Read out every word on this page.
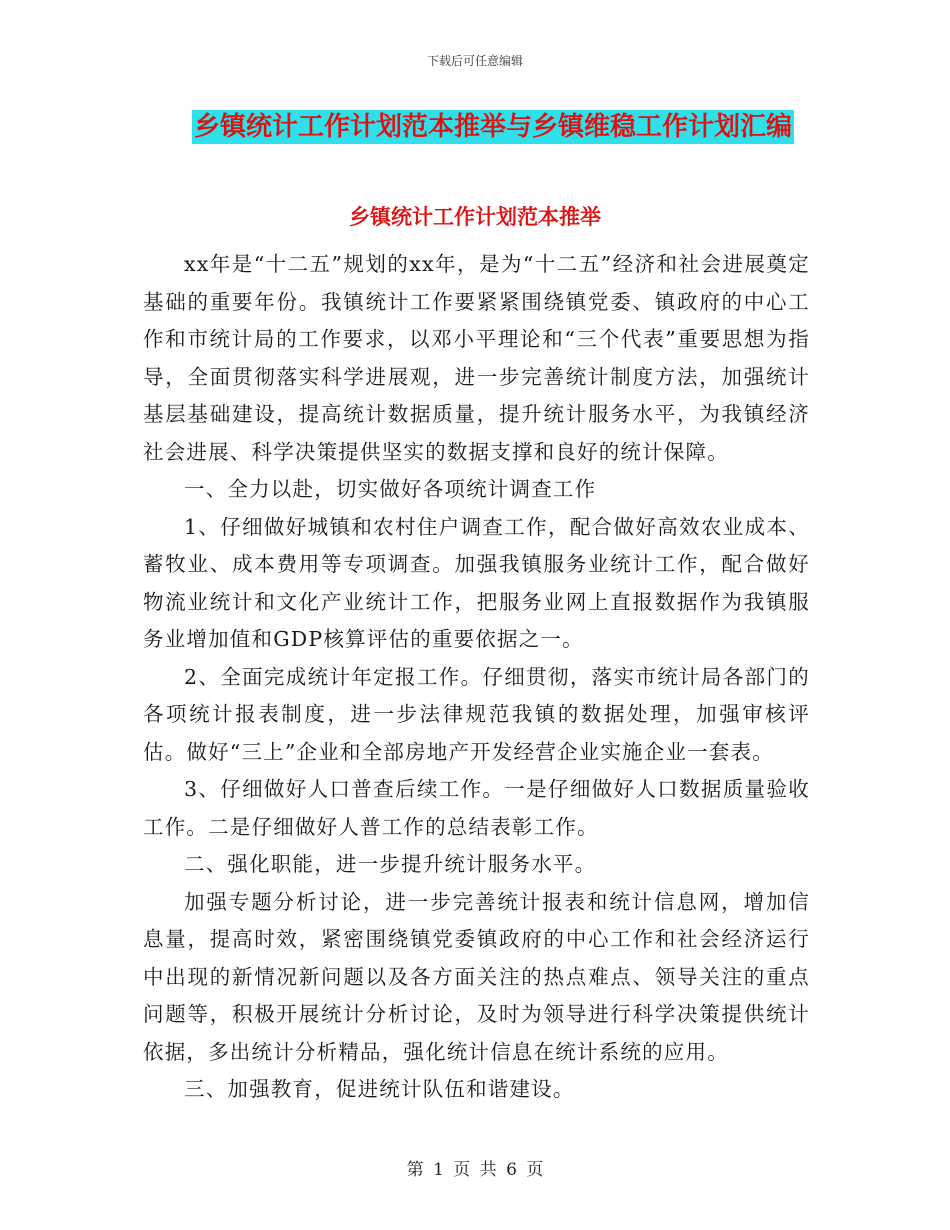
下载后可任意编辑
乡镇统计工作计划范本推举与乡镇维稳工作计划汇编
乡镇统计工作计划范本推举

xx年是“十二五”规划的xx年，是为“十二五”经济和社会进展奠定基础的重要年份。我镇统计工作要紧紧围绕镇党委、镇政府的中心工作和市统计局的工作要求，以邓小平理论和“三个代表”重要思想为指导，全面贯彻落实科学进展观，进一步完善统计制度方法，加强统计基层基础建设，提高统计数据质量，提升统计服务水平，为我镇经济社会进展、科学决策提供坚实的数据支撑和良好的统计保障。

一、全力以赴，切实做好各项统计调查工作

1、仔细做好城镇和农村住户调查工作，配合做好高效农业成本、蓄牧业、成本费用等专项调查。加强我镇服务业统计工作，配合做好物流业统计和文化产业统计工作，把服务业网上直报数据作为我镇服务业增加值和GDP核算评估的重要依据之一。

2、全面完成统计年定报工作。仔细贯彻，落实市统计局各部门的各项统计报表制度，进一步法律规范我镇的数据处理，加强审核评估。做好“三上”企业和全部房地产开发经营企业实施企业一套表。

3、仔细做好人口普查后续工作。一是仔细做好人口数据质量验收工作。二是仔细做好人普工作的总结表彰工作。

二、强化职能，进一步提升统计服务水平。

加强专题分析讨论，进一步完善统计报表和统计信息网，增加信息量，提高时效，紧密围绕镇党委镇政府的中心工作和社会经济运行中出现的新情况新问题以及各方面关注的热点难点、领导关注的重点问题等，积极开展统计分析讨论，及时为领导进行科学决策提供统计依据，多出统计分析精品，强化统计信息在统计系统的应用。

三、加强教育，促进统计队伍和谐建设。

第 1 页 共 6 页
